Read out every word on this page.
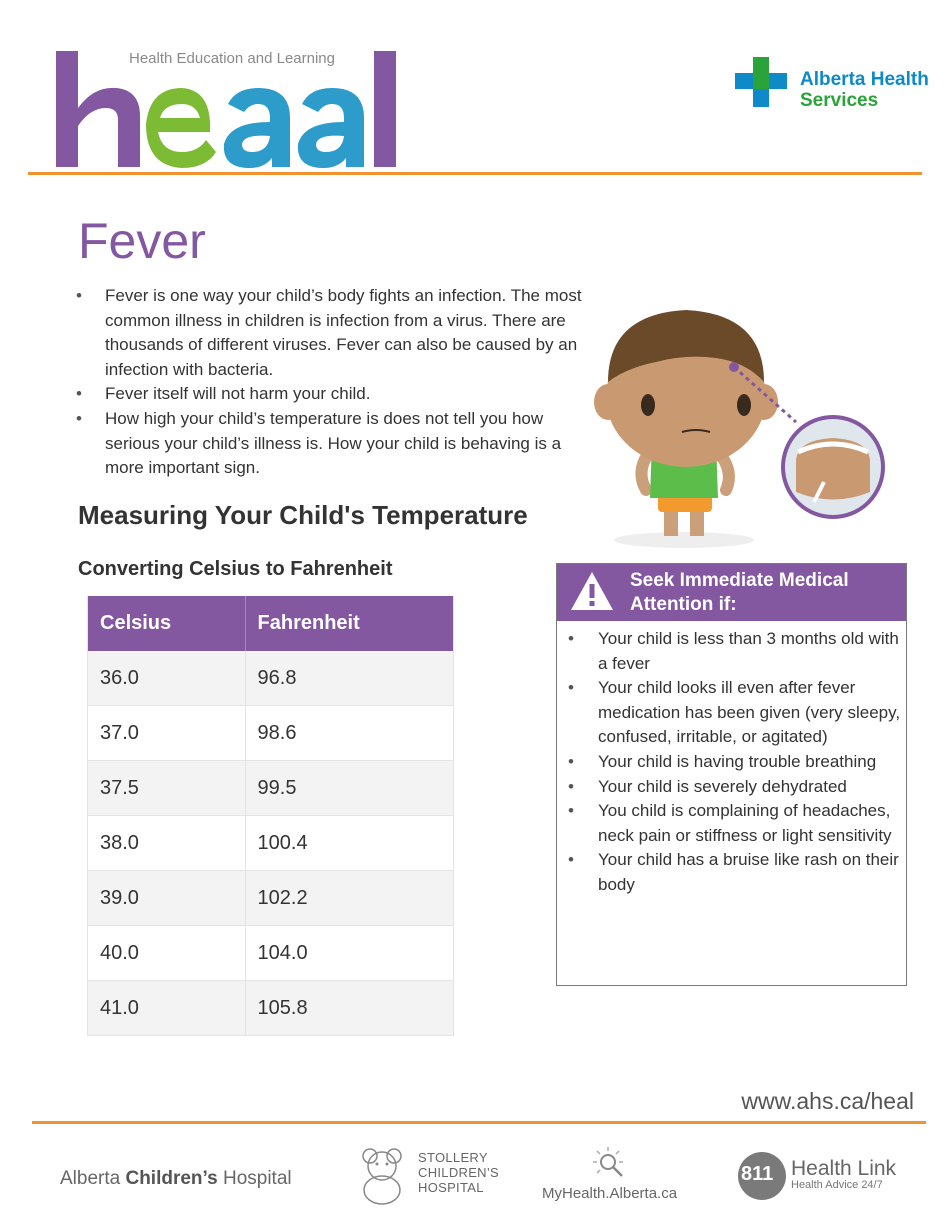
Health Education and Learning
Alberta Health
Services
Fever
• Fever is one way your child’s body fights an infection. The most common illness in children is infection from a virus. There are thousands of different viruses. Fever can also be caused by an infection with bacteria.
• Fever itself will not harm your child.
• How high your child’s temperature is does not tell you how serious your child’s illness is. How your child is behaving is a more important sign.
Measuring Your Child's Temperature
Converting Celsius to Fahrenheit
Celsius	Fahrenheit
36.0	96.8
37.0	98.6
37.5	99.5
38.0	100.4
39.0	102.2
40.0	104.0
41.0	105.8
Seek Immediate Medical Attention if:
• Your child is less than 3 months old with a fever
• Your child looks ill even after fever medication has been given (very sleepy, confused, irritable, or agitated)
• Your child is having trouble breathing
• Your child is severely dehydrated
• You child is complaining of headaches, neck pain or stiffness or light sensitivity
• Your child has a bruise like rash on their body
www.ahs.ca/heal
Alberta Children’s Hospital
STOLLERY
CHILDREN’S
HOSPITAL	MyHealth.Alberta.ca
811 Health Link
Health Advice 24/7
